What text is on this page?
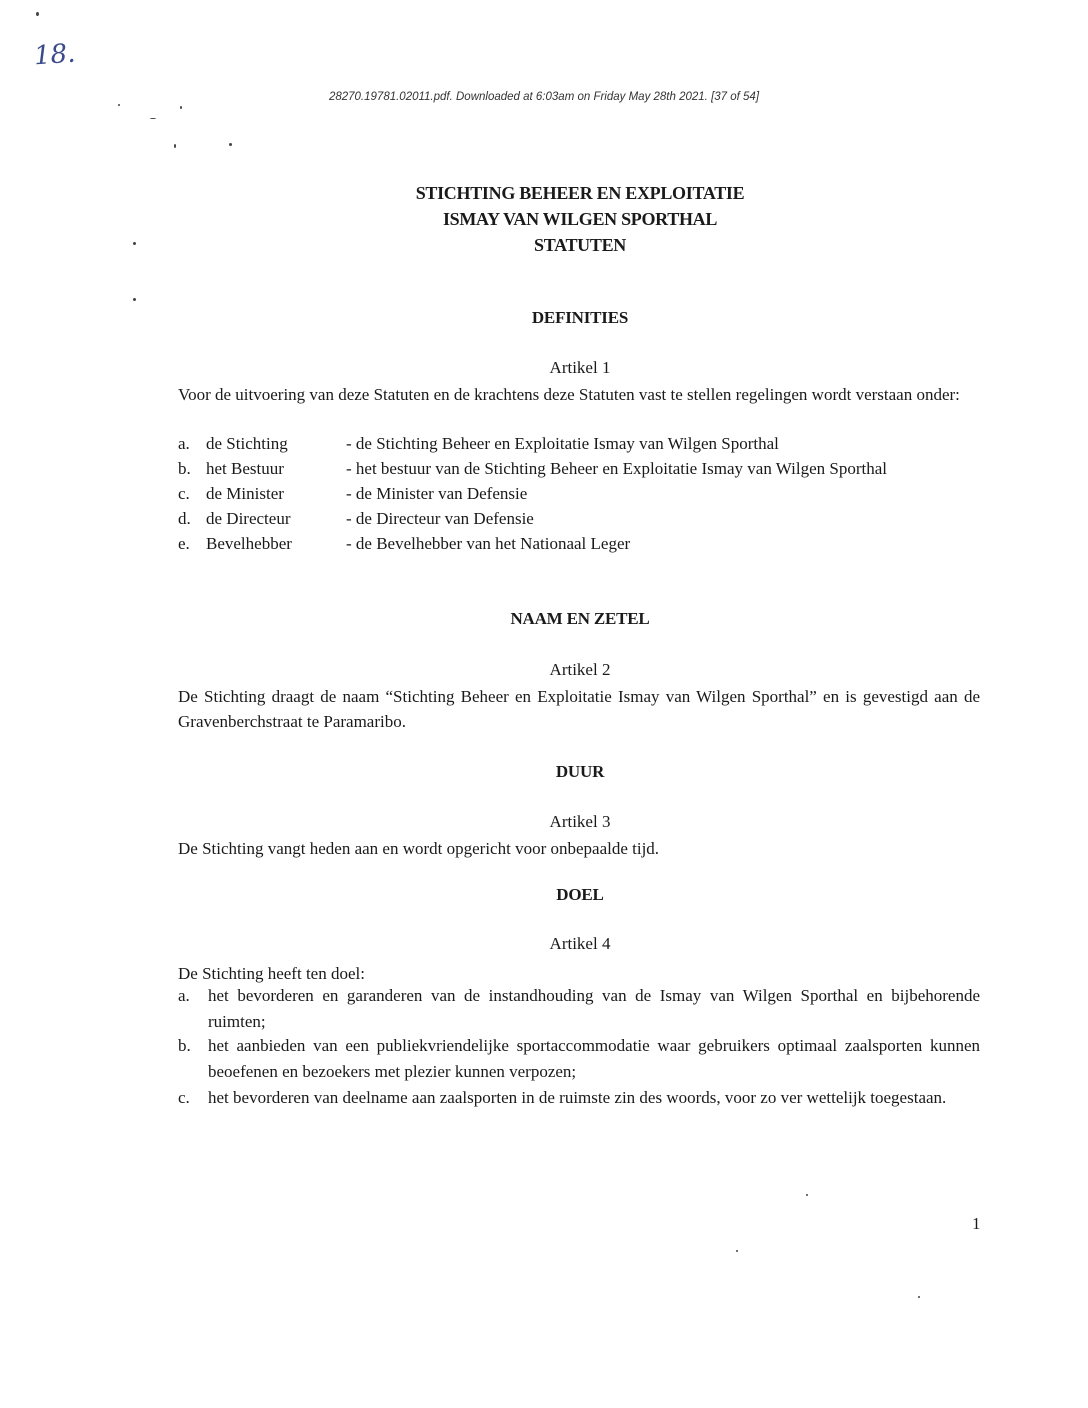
18.
28270.19781.02011.pdf. Downloaded at 6:03am on Friday May 28th 2021. [37 of 54]
STICHTING BEHEER EN EXPLOITATIE
ISMAY VAN WILGEN SPORTHAL
STATUTEN
DEFINITIES
Artikel 1
Voor de uitvoering van deze Statuten en de krachtens deze Statuten vast te stellen regelingen wordt verstaan onder:
a. de Stichting	- de Stichting Beheer en Exploitatie Ismay van Wilgen Sporthal
b. het Bestuur	- het bestuur van de Stichting Beheer en Exploitatie Ismay van Wilgen Sporthal
c. de Minister	- de Minister van Defensie
d. de Directeur	- de Directeur van Defensie
e. Bevelhebber	- de Bevelhebber van het Nationaal Leger
NAAM EN ZETEL
Artikel 2
De Stichting draagt de naam “Stichting Beheer en Exploitatie Ismay van Wilgen Sporthal” en is gevestigd aan de Gravenberchstraat te Paramaribo.
DUUR
Artikel 3
De Stichting vangt heden aan en wordt opgericht voor onbepaalde tijd.
DOEL
Artikel 4
De Stichting heeft ten doel:
a. het bevorderen en garanderen van de instandhouding van de Ismay van Wilgen Sporthal en bijbehorende ruimten;
b. het aanbieden van een publiekvriendelijke sportaccommodatie waar gebruikers optimaal zaalsporten kunnen beoefenen en bezoekers met plezier kunnen verpozen;
c. het bevorderen van deelname aan zaalsporten in de ruimste zin des woords, voor zo ver wettelijk toegestaan.
1
